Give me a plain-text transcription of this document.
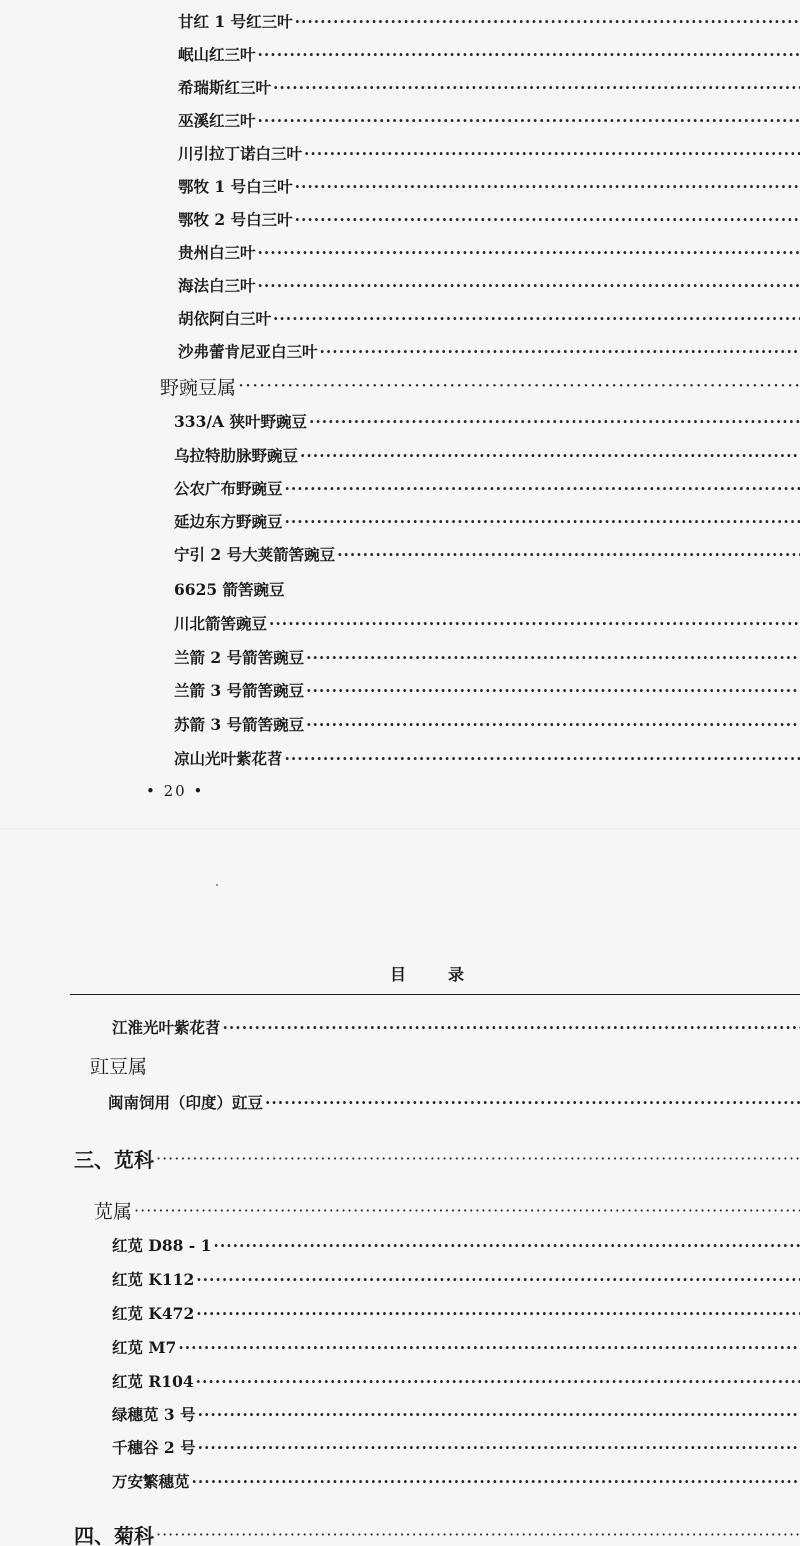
甘红 1 号红三叶
·····
岷山红三叶
·····
希瑞斯红三叶
·····
巫溪红三叶
·····
川引拉丁诺白三叶
·····
鄂牧 1 号白三叶
·····
鄂牧 2 号白三叶
·····
贵州白三叶
·····
海法白三叶
·····
胡依阿白三叶
·····
沙弗蕾肯尼亚白三叶
·····
野豌豆属
·····
333/A 狭叶野豌豆
·····
乌拉特肋脉野豌豆
·····
公农广布野豌豆
·····
延边东方野豌豆
·····
宁引 2 号大荚箭筈豌豆
·····
6625 箭筈豌豆
川北箭筈豌豆
·····
兰箭 2 号箭筈豌豆
·····
兰箭 3 号箭筈豌豆
·····
苏箭 3 号箭筈豌豆
·····
凉山光叶紫花苕
·····
• 20 •
目录
江淮光叶紫花苕
·····
豇豆属
闽南饲用（印度）豇豆
·····
三、苋科
·····
苋属
·····
红苋 D88 - 1
·····
红苋 K112
·····
红苋 K472
·····
红苋 M7
·····
红苋 R104
·····
绿穗苋 3 号
·····
千穗谷 2 号
·····
万安繁穗苋
·····
四、菊科
·····
